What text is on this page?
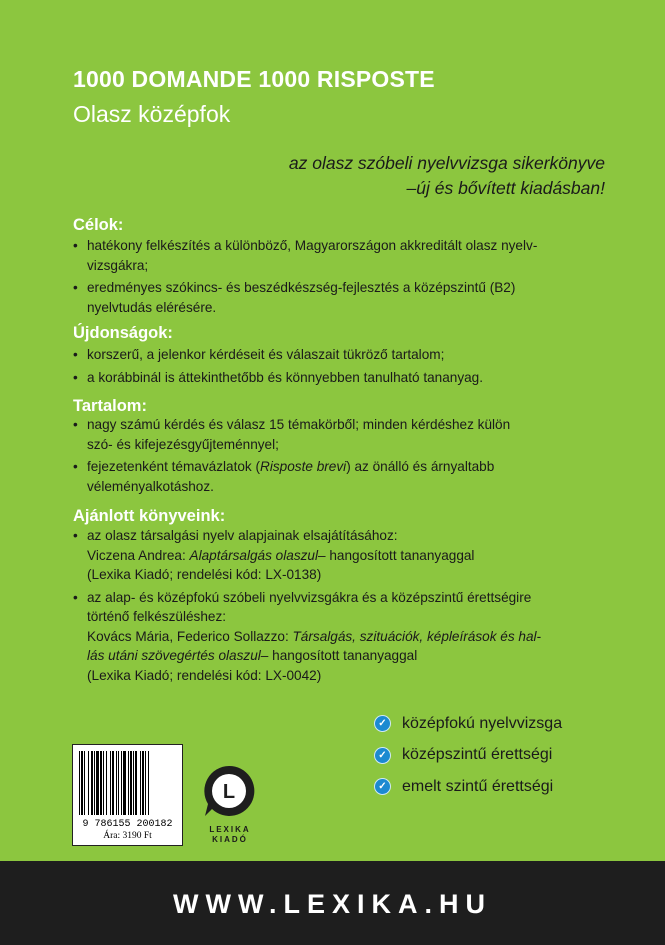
1000 DOMANDE 1000 RISPOSTE
Olasz középfok
az olasz szóbeli nyelvvizsga sikerkönyve
–új és bővített kiadásban!
Célok:
• hatékony felkészítés a különböző, Magyarországon akkreditált olasz nyelv-
vizsgákra;
• eredményes szókincs- és beszédkészség-fejlesztés a középszintű (B2)
nyelvtudás elérésére.
Újdonságok:
• korszerű, a jelenkor kérdéseit és válaszait tükröző tartalom;
• a korábbinál is áttekinthetőbb és könnyebben tanulható tananyag.
Tartalom:
• nagy számú kérdés és válasz 15 témakörből; minden kérdéshez külön
szó- és kifejezésgyűjteménnyel;
• fejezetenként témavázlatok (Risposte brevi) az önálló és árnyaltabb
véleményalkotáshoz.
Ajánlott könyveink:
• az olasz társalgási nyelv alapjainak elsajátításához:
Viczena Andrea: Alaptársalgás olaszul– hangosított tananyaggal
(Lexika Kiadó; rendelési kód: LX-0138)
• az alap- és középfokú szóbeli nyelvvizsgákra és a középszintű érettségire
történő felkészüléshez:
Kovács Mária, Federico Sollazzo: Társalgás, szituációk, képleírások és hal-
lás utáni szövegértés olaszul– hangosított tananyaggal
(Lexika Kiadó; rendelési kód: LX-0042)
✓ középfokú nyelvvizsga
✓ középszintű érettségi
✓ emelt szintű érettségi
9 786155 200182
Ára: 3190 Ft
L
LEXIKA
KIADÓ
WWW.LEXIKA.HU
